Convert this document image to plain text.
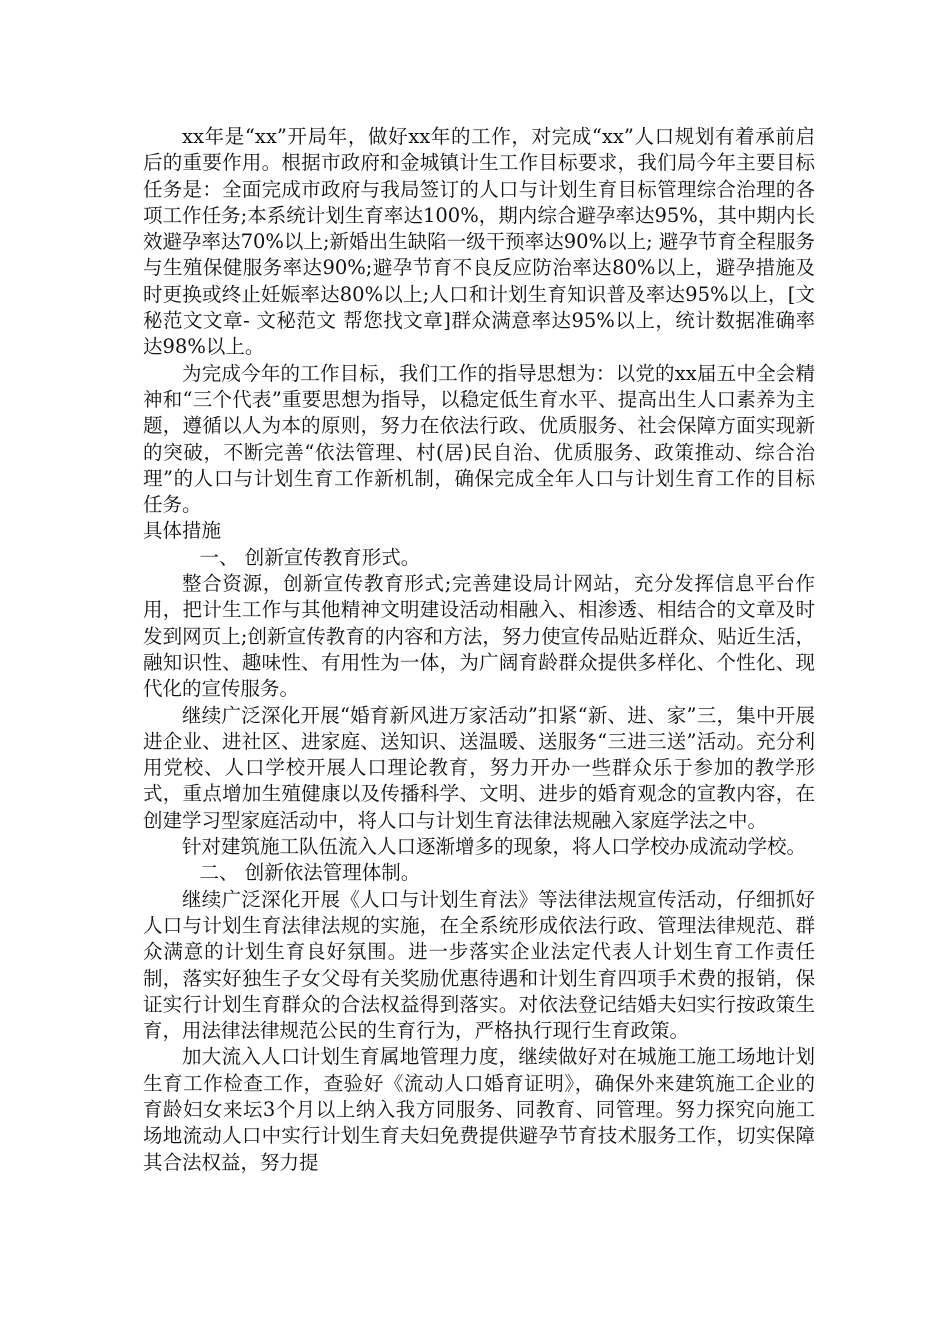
xx年是“xx”开局年，做好xx年的工作，对完成“xx”人口规划有着承前启后的重要作用。根据市政府和金城镇计生工作目标要求，我们局今年主要目标任务是：全面完成市政府与我局签订的人口与计划生育目标管理综合治理的各项工作任务;本系统计划生育率达100%，期内综合避孕率达95%，其中期内长效避孕率达70%以上;新婚出生缺陷一级干预率达90%以上; 避孕节育全程服务与生殖保健服务率达90%;避孕节育不良反应防治率达80%以上，避孕措施及时更换或终止妊娠率达80%以上;人口和计划生育知识普及率达95%以上，[文秘范文文章- 文秘范文 帮您找文章]群众满意率达95%以上，统计数据准确率达98%以上。

为完成今年的工作目标，我们工作的指导思想为：以党的xx届五中全会精神和“三个代表”重要思想为指导，以稳定低生育水平、提高出生人口素养为主题，遵循以人为本的原则，努力在依法行政、优质服务、社会保障方面实现新的突破，不断完善“依法管理、村(居)民自治、优质服务、政策推动、综合治理”的人口与计划生育工作新机制，确保完成全年人口与计划生育工作的目标任务。

具体措施

一、 创新宣传教育形式。

整合资源，创新宣传教育形式;完善建设局计网站，充分发挥信息平台作用，把计生工作与其他精神文明建设活动相融入、相渗透、相结合的文章及时发到网页上;创新宣传教育的内容和方法，努力使宣传品贴近群众、贴近生活，融知识性、趣味性、有用性为一体，为广阔育龄群众提供多样化、个性化、现代化的宣传服务。

继续广泛深化开展“婚育新风进万家活动”扣紧“新、进、家”三，集中开展进企业、进社区、进家庭、送知识、送温暖、送服务“三进三送”活动。充分利用党校、人口学校开展人口理论教育，努力开办一些群众乐于参加的教学形式，重点增加生殖健康以及传播科学、文明、进步的婚育观念的宣教内容，在创建学习型家庭活动中，将人口与计划生育法律法规融入家庭学法之中。

针对建筑施工队伍流入人口逐渐增多的现象，将人口学校办成流动学校。

二、 创新依法管理体制。

继续广泛深化开展《人口与计划生育法》等法律法规宣传活动，仔细抓好人口与计划生育法律法规的实施，在全系统形成依法行政、管理法律规范、群众满意的计划生育良好氛围。进一步落实企业法定代表人计划生育工作责任制，落实好独生子女父母有关奖励优惠待遇和计划生育四项手术费的报销，保证实行计划生育群众的合法权益得到落实。对依法登记结婚夫妇实行按政策生育，用法律法律规范公民的生育行为，严格执行现行生育政策。

加大流入人口计划生育属地管理力度，继续做好对在城施工施工场地计划生育工作检查工作，查验好《流动人口婚育证明》，确保外来建筑施工企业的育龄妇女来坛3个月以上纳入我方同服务、同教育、同管理。努力探究向施工场地流动人口中实行计划生育夫妇免费提供避孕节育技术服务工作，切实保障其合法权益，努力提
